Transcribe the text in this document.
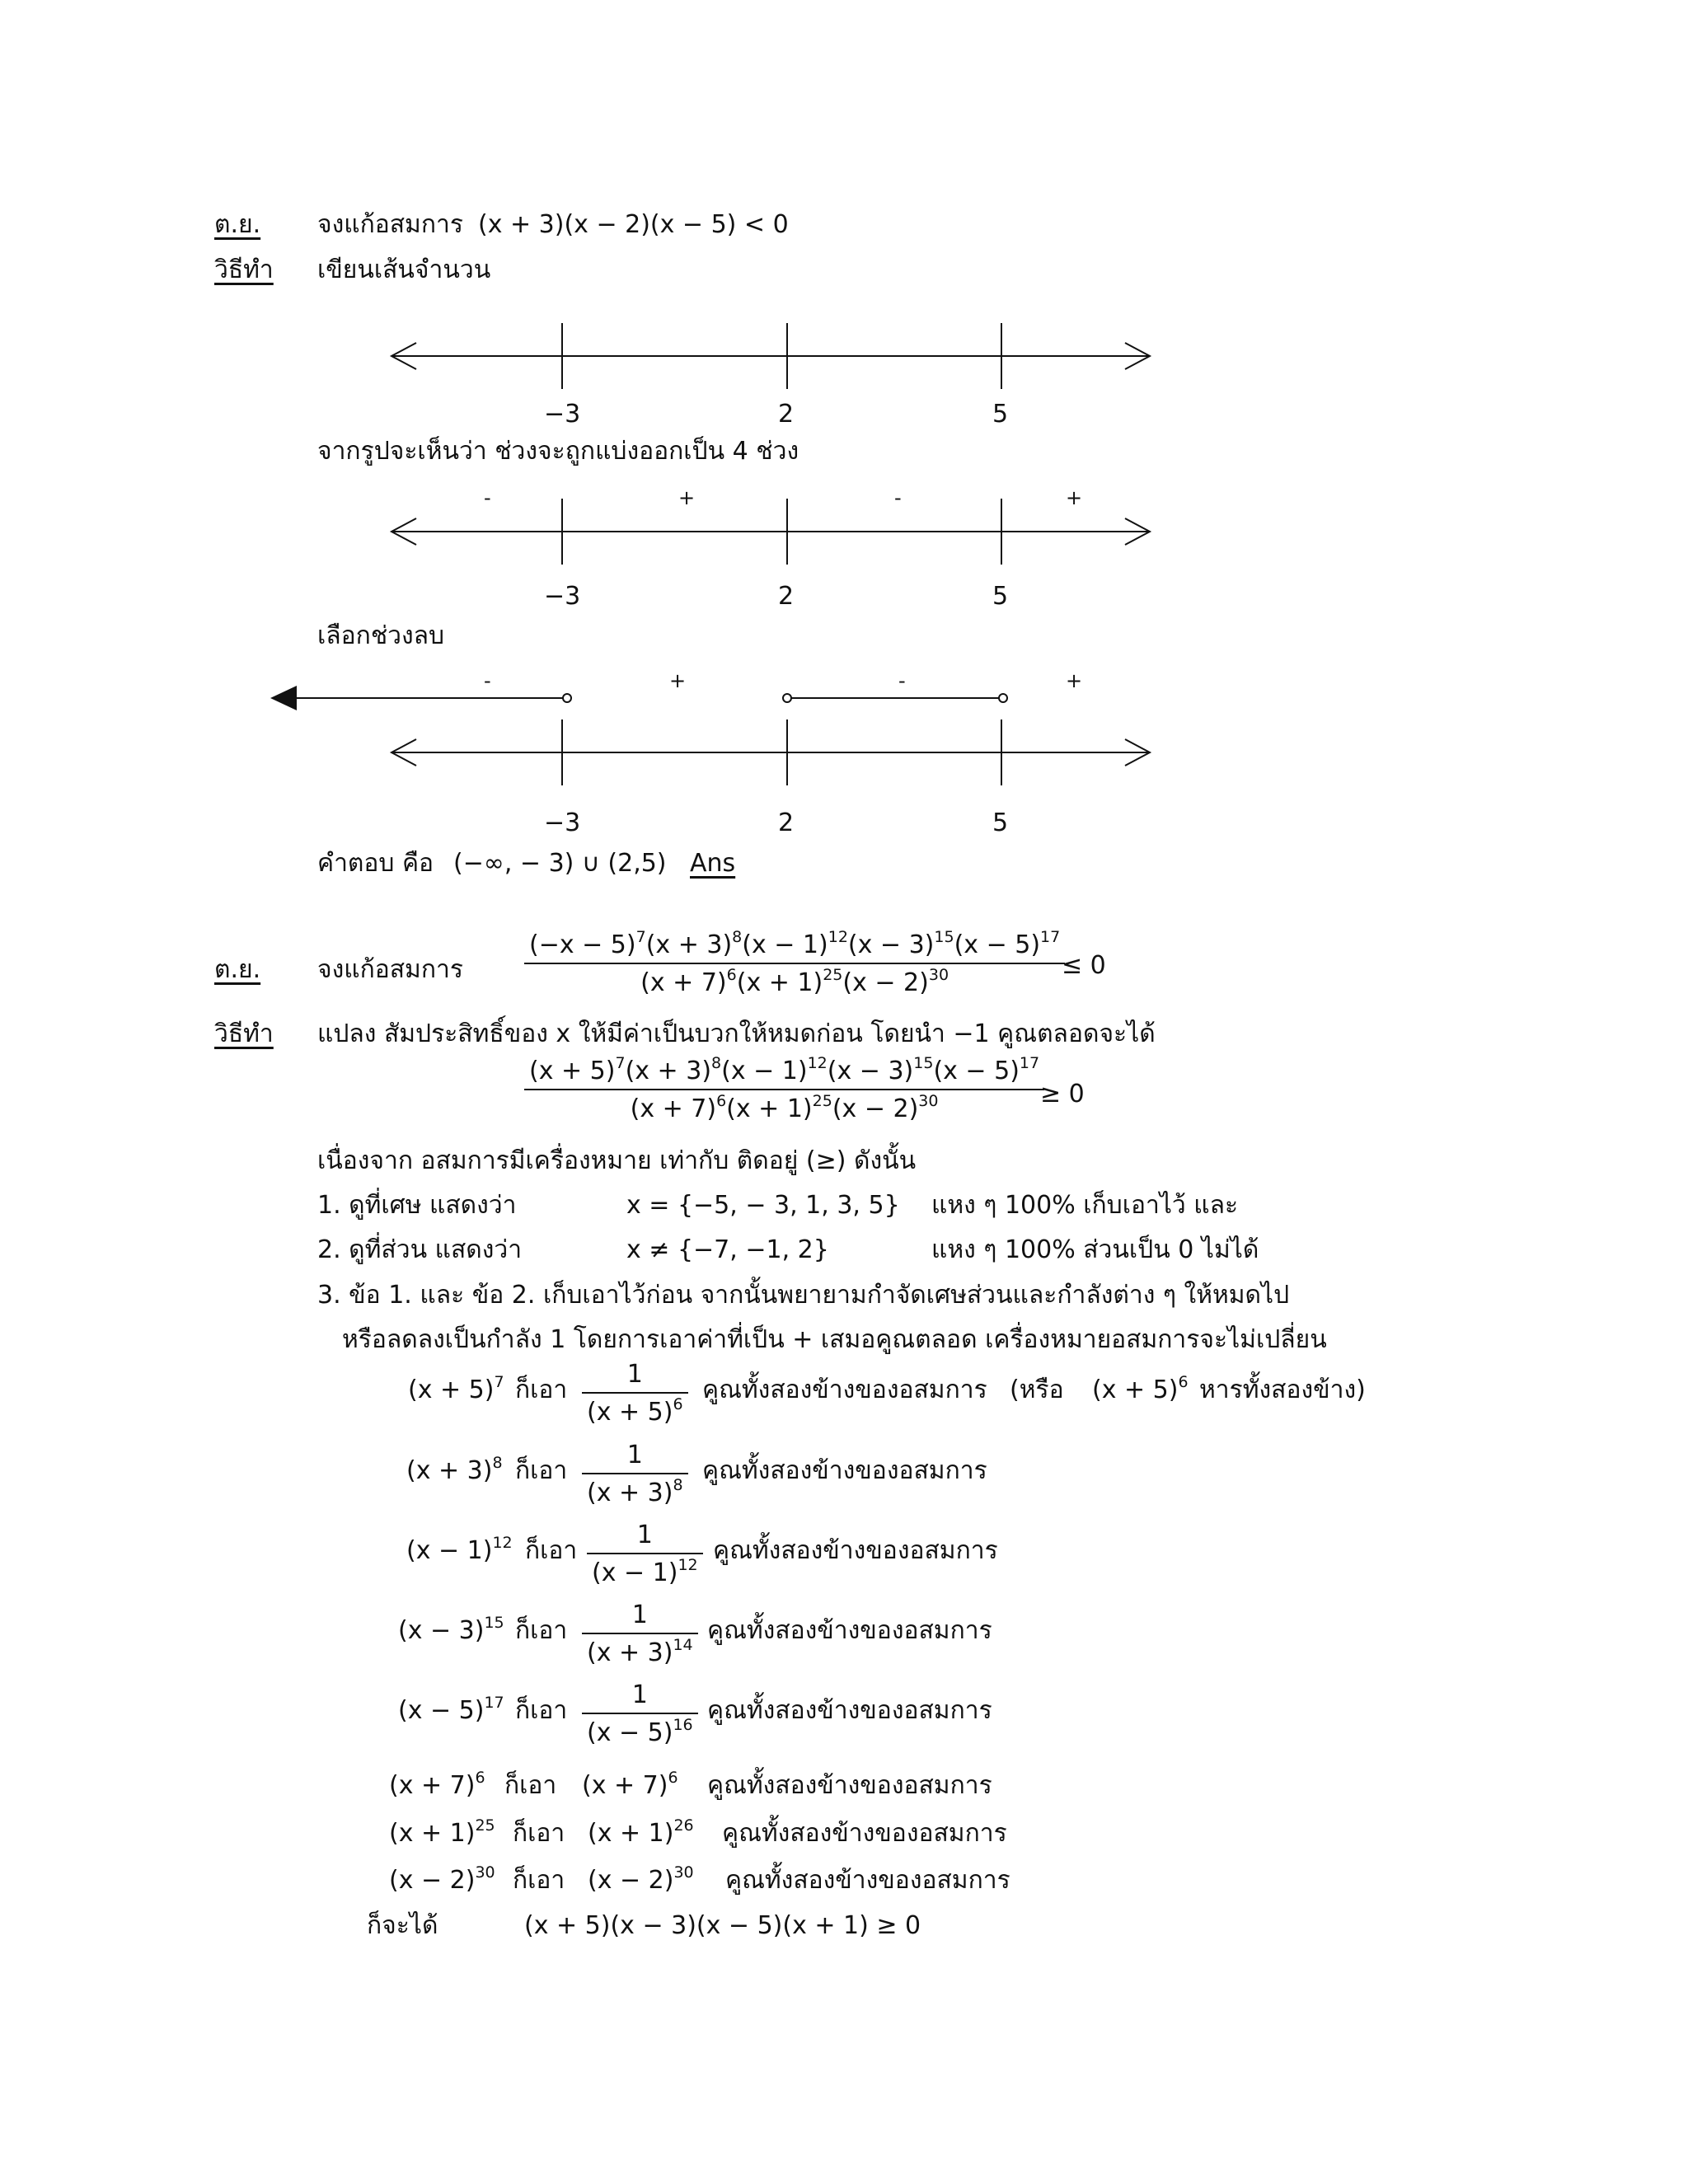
ต.ย. จงแก้อสมการ (x + 3)(x − 2)(x − 5) < 0
วิธีทำ เขียนเส้นจำนวน
−3	2	5
จากรูปจะเห็นว่า ช่วงจะถูกแบ่งออกเป็น 4 ช่วง
-	+	-	+
−3	2	5
เลือกช่วงลบ
-	+	-	+
−3	2	5
คำตอบ คือ (−∞, − 3) ∪ (2,5) Ans
ต.ย. จงแก้อสมการ
$(-x - 5)^7(x + 3)^8(x - 1)^{12}(x - 3)^{15}(x - 5)^{17}$
$(x + 7)^6(x + 1)^{25}(x - 2)^{30}$	≤ 0
วิธีทำ แปลง สัมประสิทธิ์ของ x ให้มีค่าเป็นบวกให้หมดก่อน โดยนำ −1 คูณตลอดจะได้
$(x + 5)^7(x + 3)^8(x - 1)^{12}(x - 3)^{15}(x - 5)^{17}$
$(x + 7)^6(x + 1)^{25}(x - 2)^{30}$	≥ 0
เนื่องจาก อสมการมีเครื่องหมาย เท่ากับ ติดอยู่ (≥) ดังนั้น
1. ดูที่เศษ แสดงว่า	x = {−5, − 3, 1, 3, 5} แหง ๆ 100% เก็บเอาไว้ และ
2. ดูที่ส่วน แสดงว่า	x ≠ {−7, −1, 2}	แหง ๆ 100% ส่วนเป็น 0 ไม่ได้
3. ข้อ 1. และ ข้อ 2. เก็บเอาไว้ก่อน จากนั้นพยายามกำจัดเศษส่วนและกำลังต่าง ๆ ให้หมดไป
หรือลดลงเป็นกำลัง 1 โดยการเอาค่าที่เป็น + เสมอคูณตลอด เครื่องหมายอสมการจะไม่เปลี่ยน
$(x + 5)^7$ ก็เอา
1
$(x + 5)^6$ คูณทั้งสองข้างของอสมการ (หรือ $(x + 5)^6$ หารทั้งสองข้าง)
$(x + 3)^8$ ก็เอา
1
$(x + 3)^8$ คูณทั้งสองข้างของอสมการ
$(x - 1)^{12}$ ก็เอา
1
$(x - 1)^{12}$ คูณทั้งสองข้างของอสมการ
$(x - 3)^{15}$ ก็เอา
1
$(x + 3)^{14}$ คูณทั้งสองข้างของอสมการ
$(x - 5)^{17}$ ก็เอา
1
$(x - 5)^{16}$ คูณทั้งสองข้างของอสมการ
$(x + 7)^6$ ก็เอา $(x + 7)^6$ คูณทั้งสองข้างของอสมการ
$(x + 1)^{25}$ ก็เอา $(x + 1)^{26}$ คูณทั้งสองข้างของอสมการ
$(x - 2)^{30}$ ก็เอา $(x - 2)^{30}$ คูณทั้งสองข้างของอสมการ
ก็จะได้	(x + 5)(x − 3)(x − 5)(x + 1) ≥ 0
